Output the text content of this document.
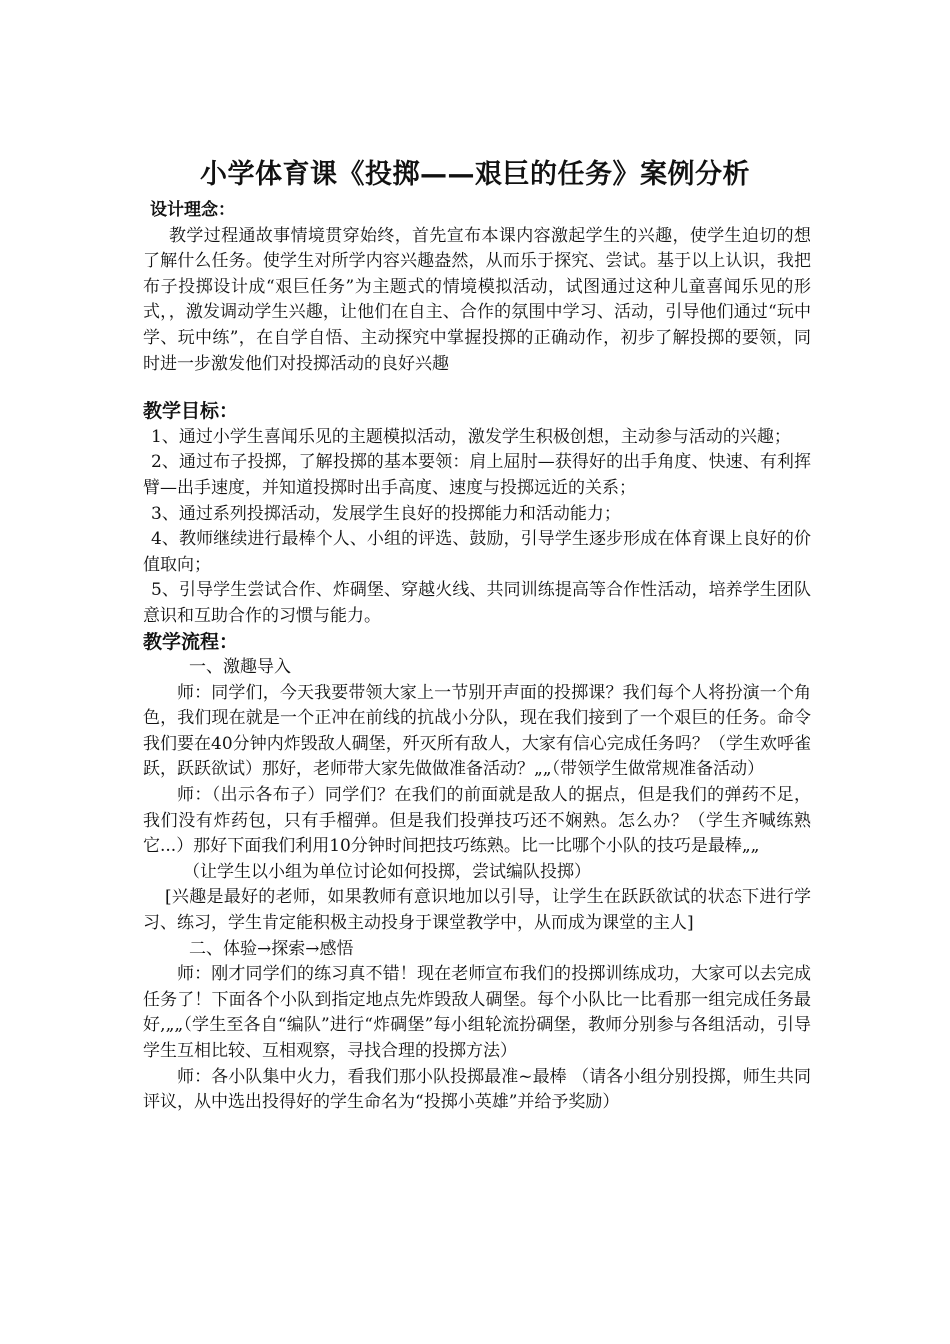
小学体育课《投掷——艰巨的任务》案例分析

设计理念：

教学过程通故事情境贯穿始终，首先宣布本课内容激起学生的兴趣，使学生迫切的想了解什么任务。使学生对所学内容兴趣盎然，从而乐于探究、尝试。基于以上认识，我把布子投掷设计成“艰巨任务”为主题式的情境模拟活动，试图通过这种儿童喜闻乐见的形式，，激发调动学生兴趣，让他们在自主、合作的氛围中学习、活动，引导他们通过“玩中学、玩中练”，在自学自悟、主动探究中掌握投掷的正确动作，初步了解投掷的要领，同时进一步激发他们对投掷活动的良好兴趣

教学目标：

1、通过小学生喜闻乐见的主题模拟活动，激发学生积极创想，主动参与活动的兴趣；

2、通过布子投掷，了解投掷的基本要领：肩上屈肘—获得好的出手角度、快速、有利挥臂—出手速度，并知道投掷时出手高度、速度与投掷远近的关系；

3、通过系列投掷活动，发展学生良好的投掷能力和活动能力；

4、教师继续进行最棒个人、小组的评选、鼓励，引导学生逐步形成在体育课上良好的价值取向；

5、引导学生尝试合作、炸碉堡、穿越火线、共同训练提高等合作性活动，培养学生团队意识和互助合作的习惯与能力。

教学流程：

一、激趣导入

师：同学们，今天我要带领大家上一节别开声面的投掷课？我们每个人将扮演一个角色，我们现在就是一个正冲在前线的抗战小分队，现在我们接到了一个艰巨的任务。命令我们要在40分钟内炸毁敌人碉堡，歼灭所有敌人，大家有信心完成任务吗？（学生欢呼雀跃，跃跃欲试）那好，老师带大家先做做准备活动？„„（带领学生做常规准备活动）

师：（出示各布子）同学们？在我们的前面就是敌人的据点，但是我们的弹药不足，我们没有炸药包，只有手榴弹。但是我们投弹技巧还不娴熟。怎么办？（学生齐喊练熟它...）那好下面我们利用10分钟时间把技巧练熟。比一比哪个小队的技巧是最棒„„

（让学生以小组为单位讨论如何投掷，尝试编队投掷）

[兴趣是最好的老师，如果教师有意识地加以引导，让学生在跃跃欲试的状态下进行学习、练习，学生肯定能积极主动投身于课堂教学中，从而成为课堂的主人]

二、体验→探索→感悟

师：刚才同学们的练习真不错！现在老师宣布我们的投掷训练成功，大家可以去完成任务了！下面各个小队到指定地点先炸毁敌人碉堡。每个小队比一比看那一组完成任务最好,„„（学生至各自“编队”进行“炸碉堡”每小组轮流扮碉堡，教师分别参与各组活动，引导学生互相比较、互相观察，寻找合理的投掷方法）

师：各小队集中火力，看我们那小队投掷最准~最棒 （请各小组分别投掷，师生共同评议，从中选出投得好的学生命名为“投掷小英雄”并给予奖励）
